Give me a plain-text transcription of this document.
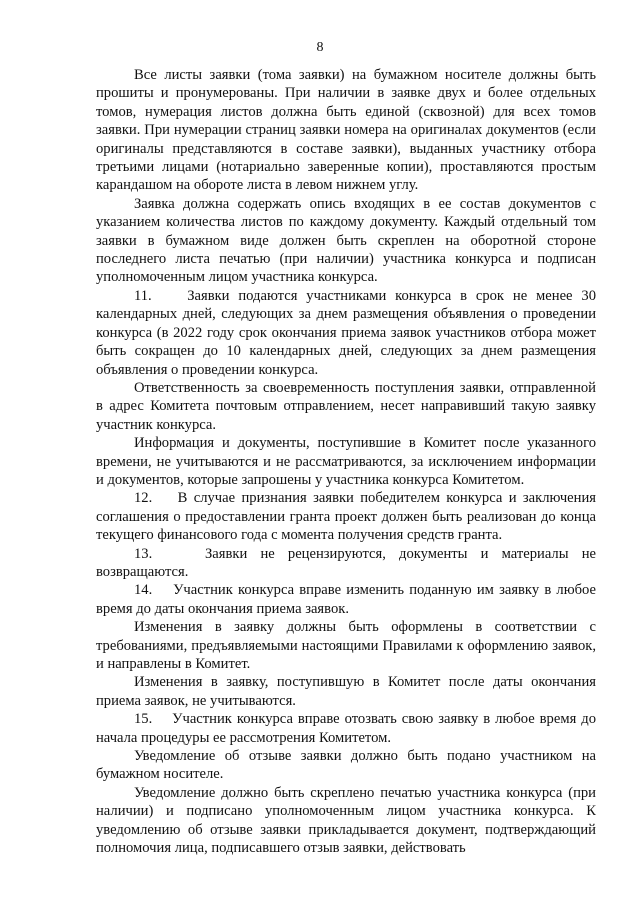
8

Все листы заявки (тома заявки) на бумажном носителе должны быть прошиты и пронумерованы. При наличии в заявке двух и более отдельных томов, нумерация листов должна быть единой (сквозной) для всех томов заявки. При нумерации страниц заявки номера на оригиналах документов (если оригиналы представляются в составе заявки), выданных участнику отбора третьими лицами (нотариально заверенные копии), проставляются простым карандашом на обороте листа в левом нижнем углу.

Заявка должна содержать опись входящих в ее состав документов с указанием количества листов по каждому документу. Каждый отдельный том заявки в бумажном виде должен быть скреплен на оборотной стороне последнего листа печатью (при наличии) участника конкурса и подписан уполномоченным лицом участника конкурса.

11.    Заявки подаются участниками конкурса в срок не менее 30 календарных дней, следующих за днем размещения объявления о проведении конкурса (в 2022 году срок окончания приема заявок участников отбора может быть сокращен до 10 календарных дней, следующих за днем размещения объявления о проведении конкурса.

Ответственность за своевременность поступления заявки, отправленной в адрес Комитета почтовым отправлением, несет направивший такую заявку участник конкурса.

Информация и документы, поступившие в Комитет после указанного времени, не учитываются и не рассматриваются, за исключением информации и документов, которые запрошены у участника конкурса Комитетом.

12.    В случае признания заявки победителем конкурса и заключения соглашения о предоставлении гранта проект должен быть реализован до конца текущего финансового года с момента получения средств гранта.

13.    Заявки не рецензируются, документы и материалы не возвращаются.

14.    Участник конкурса вправе изменить поданную им заявку в любое время до даты окончания приема заявок.

Изменения в заявку должны быть оформлены в соответствии с требованиями, предъявляемыми настоящими Правилами к оформлению заявок, и направлены в Комитет.

Изменения в заявку, поступившую в Комитет после даты окончания приема заявок, не учитываются.

15.    Участник конкурса вправе отозвать свою заявку в любое время до начала процедуры ее рассмотрения Комитетом.

Уведомление об отзыве заявки должно быть подано участником на бумажном носителе.

Уведомление должно быть скреплено печатью участника конкурса (при наличии) и подписано уполномоченным лицом участника конкурса. К уведомлению об отзыве заявки прикладывается документ, подтверждающий полномочия лица, подписавшего отзыв заявки, действовать
